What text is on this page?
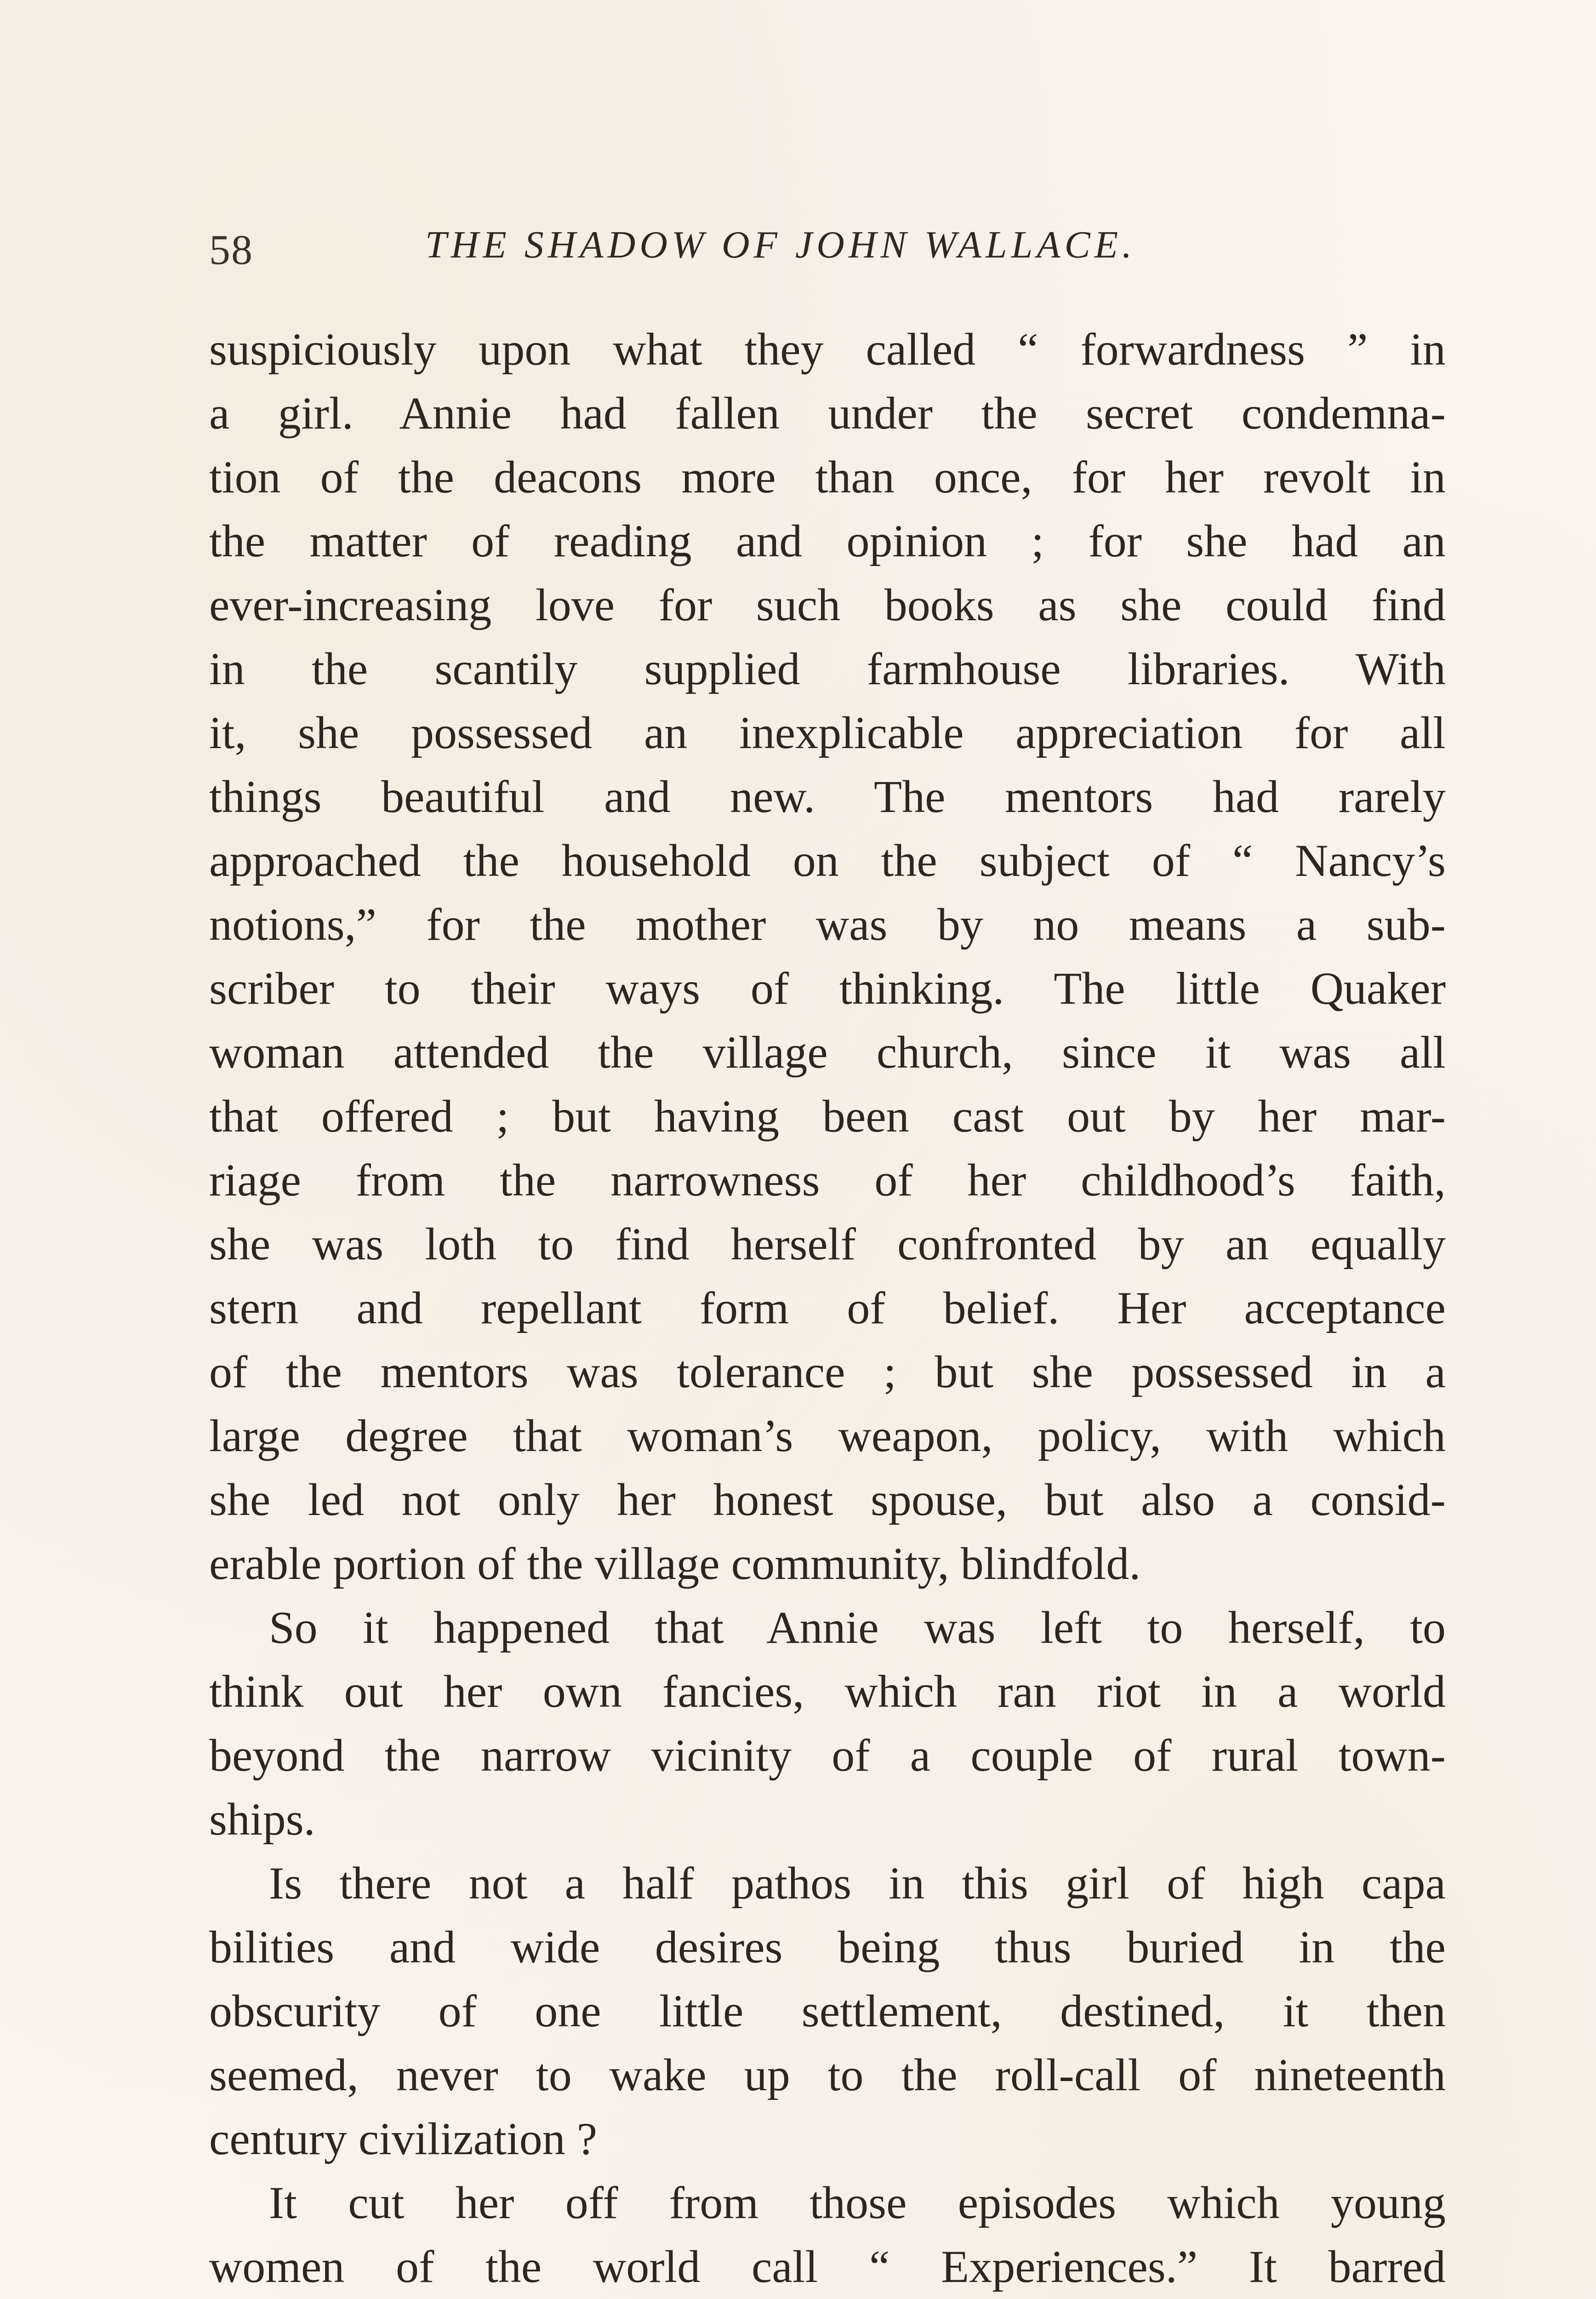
58	THE SHADOW OF JOHN WALLACE.
suspiciously upon what they called “ forwardness ” in
a girl. Annie had fallen under the secret condemna-
tion of the deacons more than once, for her revolt in
the matter of reading and opinion ; for she had an
ever-increasing love for such books as she could find
in the scantily supplied farmhouse libraries. With
it, she possessed an inexplicable appreciation for all
things beautiful and new. The mentors had rarely
approached the household on the subject of “ Nancy’s
notions,” for the mother was by no means a sub-
scriber to their ways of thinking. The little Quaker
woman attended the village church, since it was all
that offered ; but having been cast out by her mar-
riage from the narrowness of her childhood’s faith,
she was loth to find herself confronted by an equally
stern and repellant form of belief. Her acceptance
of the mentors was tolerance ; but she possessed in a
large degree that woman’s weapon, policy, with which
she led not only her honest spouse, but also a consid-
erable portion of the village community, blindfold.
So it happened that Annie was left to herself, to
think out her own fancies, which ran riot in a world
beyond the narrow vicinity of a couple of rural town-
ships.
Is there not a half pathos in this girl of high capa
bilities and wide desires being thus buried in the
obscurity of one little settlement, destined, it then
seemed, never to wake up to the roll-call of nineteenth
century civilization ?
It cut her off from those episodes which young
women of the world call “ Experiences.” It barred
